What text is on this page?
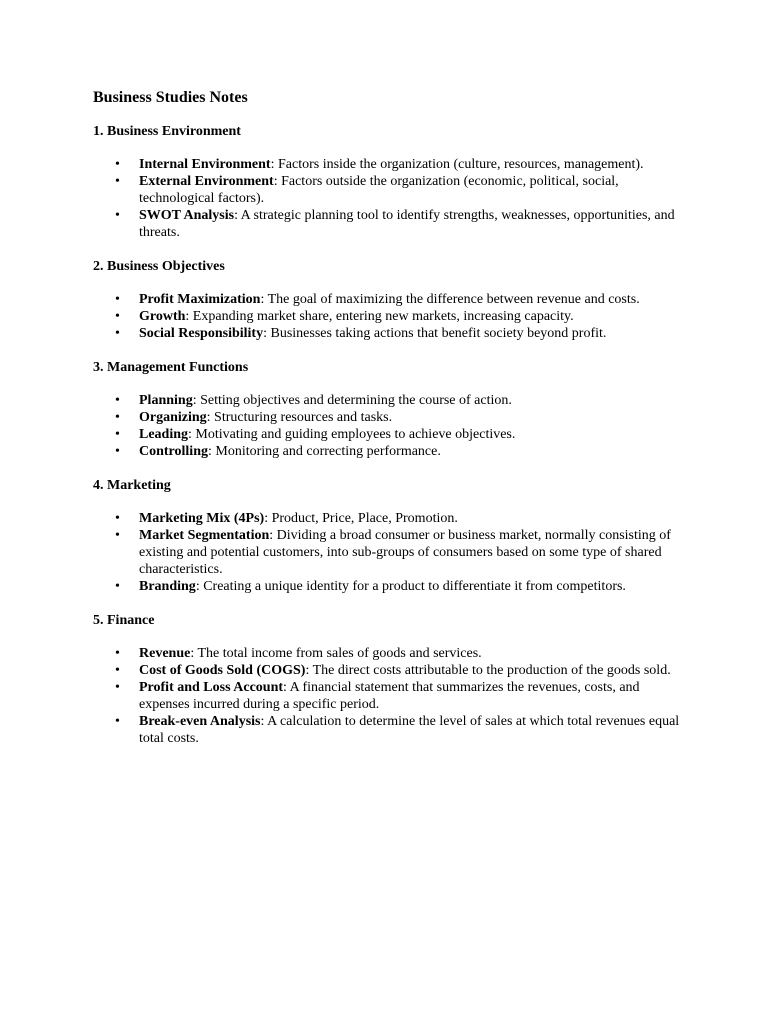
Business Studies Notes
1. Business Environment
• Internal Environment: Factors inside the organization (culture, resources, management).
• External Environment: Factors outside the organization (economic, political, social, technological factors).
• SWOT Analysis: A strategic planning tool to identify strengths, weaknesses, opportunities, and threats.
2. Business Objectives
• Profit Maximization: The goal of maximizing the difference between revenue and costs.
• Growth: Expanding market share, entering new markets, increasing capacity.
• Social Responsibility: Businesses taking actions that benefit society beyond profit.
3. Management Functions
• Planning: Setting objectives and determining the course of action.
• Organizing: Structuring resources and tasks.
• Leading: Motivating and guiding employees to achieve objectives.
• Controlling: Monitoring and correcting performance.
4. Marketing
• Marketing Mix (4Ps): Product, Price, Place, Promotion.
• Market Segmentation: Dividing a broad consumer or business market, normally consisting of existing and potential customers, into sub-groups of consumers based on some type of shared characteristics.
• Branding: Creating a unique identity for a product to differentiate it from competitors.
5. Finance
• Revenue: The total income from sales of goods and services.
• Cost of Goods Sold (COGS): The direct costs attributable to the production of the goods sold.
• Profit and Loss Account: A financial statement that summarizes the revenues, costs, and expenses incurred during a specific period.
• Break-even Analysis: A calculation to determine the level of sales at which total revenues equal total costs.
